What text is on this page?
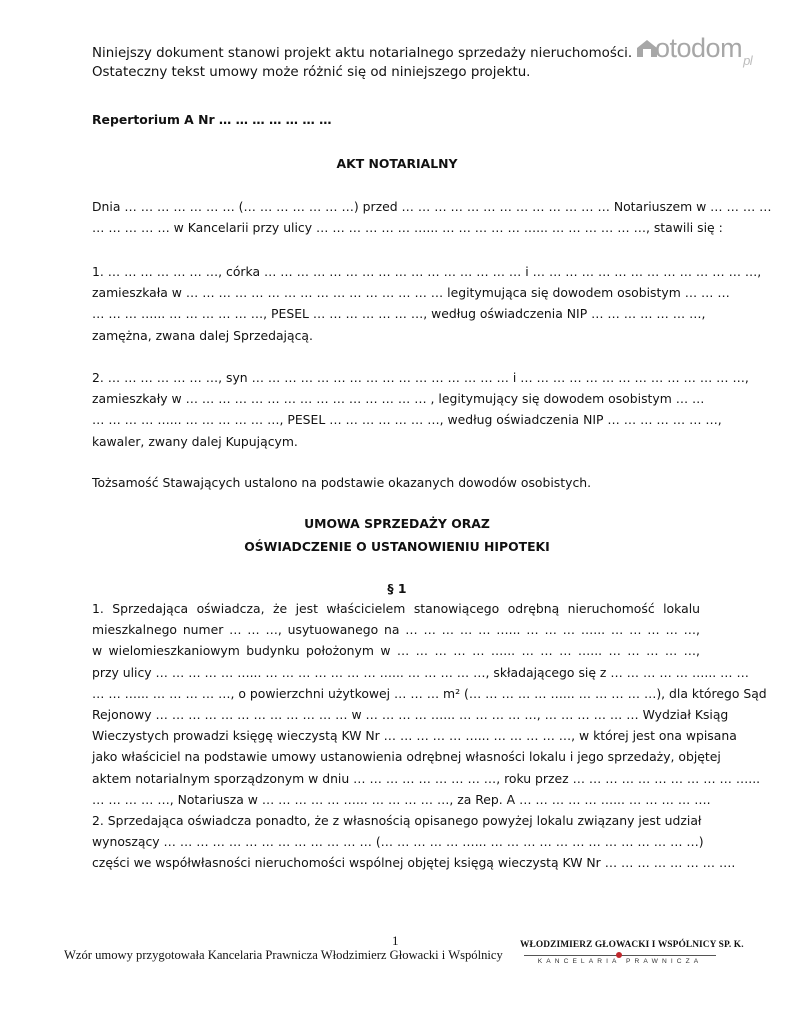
Niniejszy dokument stanowi projekt aktu notarialnego sprzedaży nieruchomości.
Ostateczny tekst umowy może różnić się od niniejszego projektu.
otodom$_{pl}$
Repertorium A Nr … … … … … … …
AKT NOTARIALNY
Dnia … … … … … … … (… … … … … … …) przed … … … … … … … … … … … … … Notariuszem w … … … …
… … … … … w Kancelarii przy ulicy … … … … … … …... … … … … … …... … … … … … …, stawili się :
1. … … … … … … …, córka … … … … … … … … … … … … … … … … i … … … … … … … … … … … … … …,
zamieszkała w … … … … … … … … … … … … … … … … legitymująca się dowodem osobistym … … …
… … … …... … … … … … …, PESEL … … … … … … …, według oświadczenia NIP … … … … … … …,
zamężna, zwana dalej Sprzedającą.
2. … … … … … … …, syn … … … … … … … … … … … … … … … … i … … … … … … … … … … … … … …,
zamieszkały w … … … … … … … … … … … … … … … , legitymujący się dowodem osobistym … …
… … … … …... … … … … … …, PESEL … … … … … … …, według oświadczenia NIP … … … … … … …,
kawaler, zwany dalej Kupującym.
Tożsamość Stawających ustalono na podstawie okazanych dowodów osobistych.
UMOWA SPRZEDAŻY ORAZ
OŚWIADCZENIE O USTANOWIENIU HIPOTEKI
§ 1
1. Sprzedająca oświadcza, że jest właścicielem stanowiącego odrębną nieruchomość lokalu
mieszkalnego numer … … …, usytuowanego na … … … … … …... … … … …... … … … … …,
w wielomieszkaniowym budynku położonym w … … … … … …... … … … …... … … … … …,
przy ulicy … … … … … …... … … … … … … … …... … … … … …, składającego się z … … … … … …... … …
… … …... … … … … …, o powierzchni użytkowej … … … m² (… … … … … …... … … … … …), dla którego Sąd
Rejonowy … … … … … … … … … … … … w … … … … …... … … … … …, … … … … … … Wydział Ksiąg
Wieczystych prowadzi księgę wieczystą KW Nr … … … … … …... … … … … …, w której jest ona wpisana
jako właściciel na podstawie umowy ustanowienia odrębnej własności lokalu i jego sprzedaży, objętej
aktem notarialnym sporządzonym w dniu … … … … … … … … …, roku przez … … … … … … … … … … …...
… … … … …, Notariusza w … … … … … …... … … … … …, za Rep. A … … … … … …... … … … … ….
2. Sprzedająca oświadcza ponadto, że z własnością opisanego powyżej lokalu związany jest udział
wynoszący … … … … … … … … … … … … … (… … … … … …... … … … … … … … … … … … … …)
części we współwłasności nieruchomości wspólnej objętej księgą wieczystą KW Nr … … … … … … … ….
1
Wzór umowy przygotowała Kancelaria Prawnicza Włodzimierz Głowacki i Wspólnicy
WŁODZIMIERZ GŁOWACKI I WSPÓLNICY SP. K.
KANCELARIA PRAWNICZA
